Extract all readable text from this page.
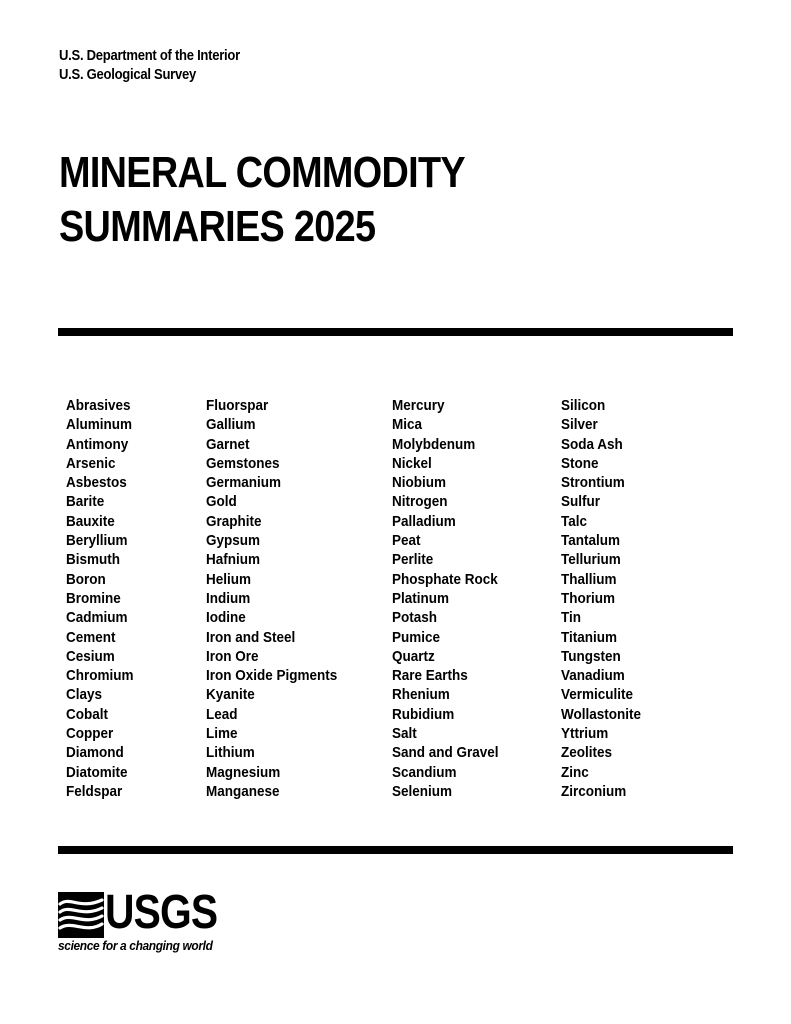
U.S. Department of the Interior
U.S. Geological Survey
MINERAL COMMODITY
SUMMARIES 2025
Abrasives
Aluminum
Antimony
Arsenic
Asbestos
Barite
Bauxite
Beryllium
Bismuth
Boron
Bromine
Cadmium
Cement
Cesium
Chromium
Clays
Cobalt
Copper
Diamond
Diatomite
Feldspar
Fluorspar
Gallium
Garnet
Gemstones
Germanium
Gold
Graphite
Gypsum
Hafnium
Helium
Indium
Iodine
Iron and Steel
Iron Ore
Iron Oxide Pigments
Kyanite
Lead
Lime
Lithium
Magnesium
Manganese
Mercury
Mica
Molybdenum
Nickel
Niobium
Nitrogen
Palladium
Peat
Perlite
Phosphate Rock
Platinum
Potash
Pumice
Quartz
Rare Earths
Rhenium
Rubidium
Salt
Sand and Gravel
Scandium
Selenium
Silicon
Silver
Soda Ash
Stone
Strontium
Sulfur
Talc
Tantalum
Tellurium
Thallium
Thorium
Tin
Titanium
Tungsten
Vanadium
Vermiculite
Wollastonite
Yttrium
Zeolites
Zinc
Zirconium
USGS
science for a changing world
